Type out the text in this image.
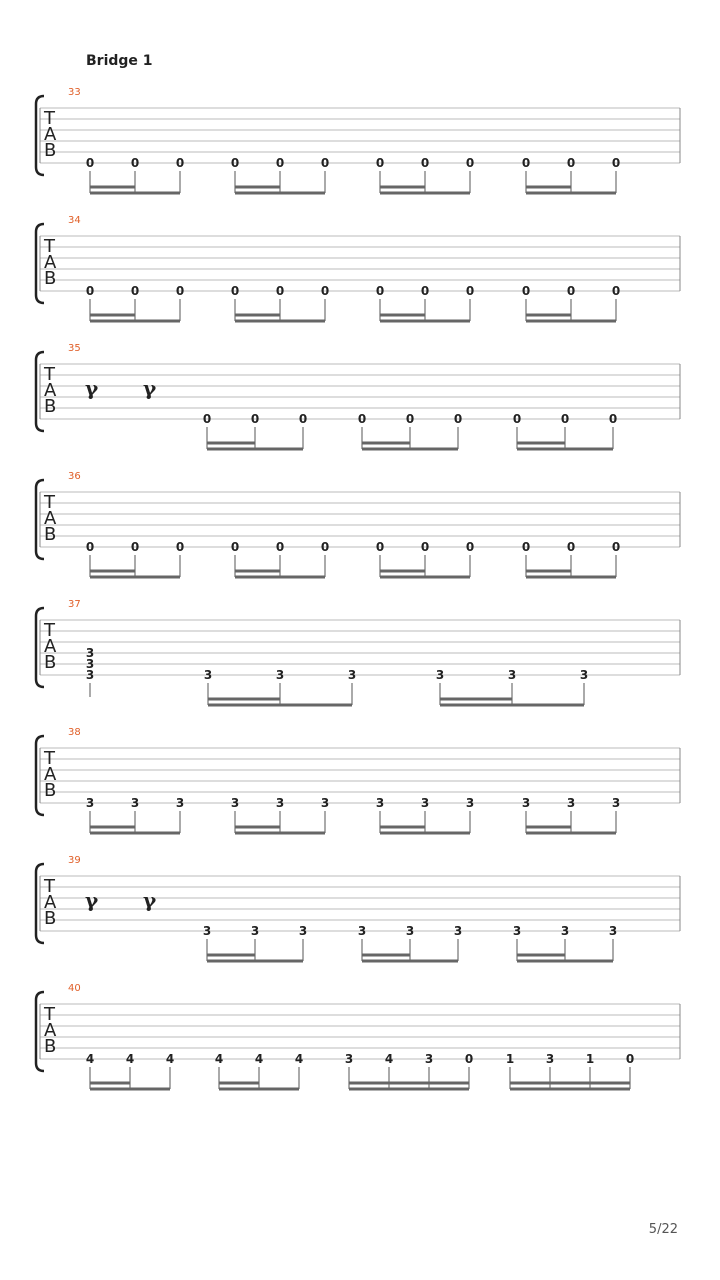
Bridge 1
T
A
B
33
0	0	0	0	0	0	0	0	0	0	0	0
T
A
B
34
0	0	0	0	0	0	0	0	0	0	0	0
T
A
B
35
γ γ
0	0	0	0	0	0	0	0	0
T
A
B
36
0	0	0	0	0	0	0	0	0	0	0	0
T
A
B
37
3
3
3	3	3	3	3	3	3
T
A
B
38
3	3	3	3	3	3	3	3	3	3	3	3
T
A
B
39
γ γ
3	3	3	3	3	3	3	3	3
T
A
B
40
4	4	4	4	4	4	3	4	3	0	1	3	1	0
5/22
